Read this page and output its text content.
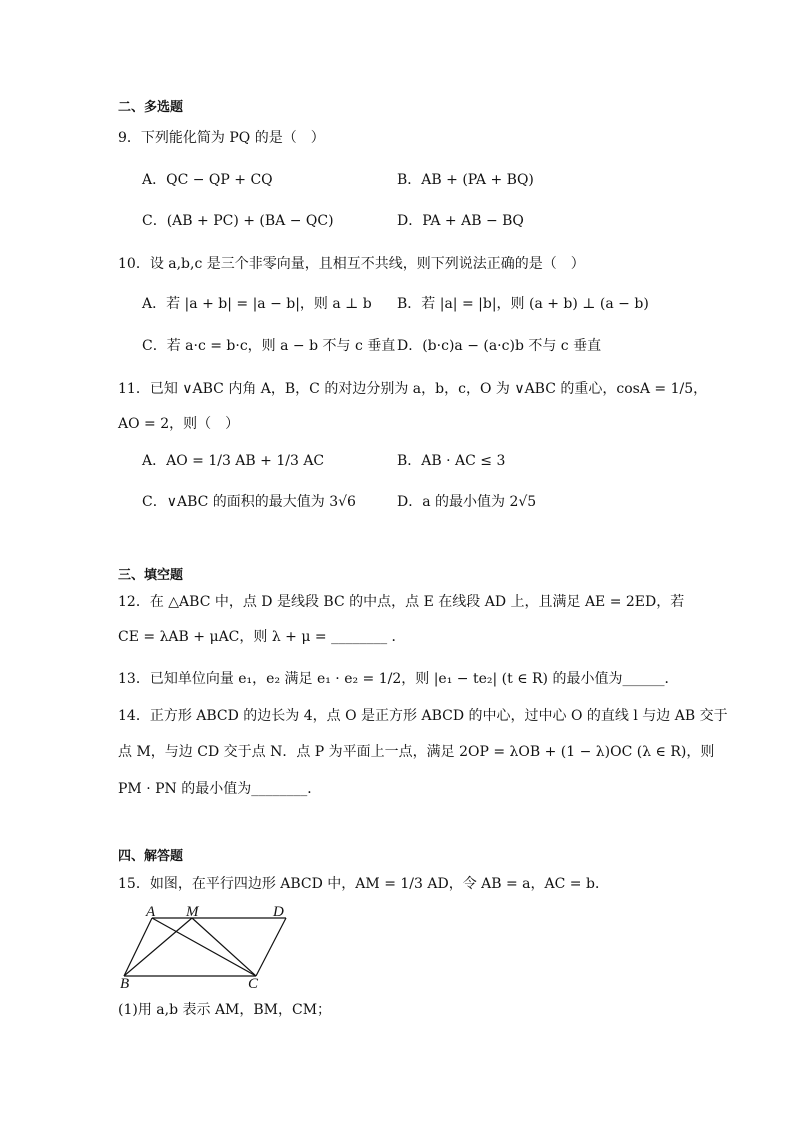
二、多选题
9．下列能化简为 PQ 的是（　）
A．QC − QP + CQ	B．AB + (PA + BQ)
C．(AB + PC) + (BA − QC)	D．PA + AB − BQ
10．设 a,b,c 是三个非零向量，且相互不共线，则下列说法正确的是（　）
A．若 |a + b| = |a − b|，则 a ⊥ b B．若 |a| = |b|，则 (a + b) ⊥ (a − b)
C．若 a·c = b·c，则 a − b 不与 c 垂直 D．(b·c)a − (a·c)b 不与 c 垂直
11．已知 ∨ABC 内角 A，B，C 的对边分别为 a，b，c，O 为 ∨ABC 的重心，cosA = 1/5，
AO = 2，则（　）
A．AO = 1/3 AB + 1/3 AC	B．AB · AC ≤ 3
C．∨ABC 的面积的最大值为 3√6	D．a 的最小值为 2√5
三、填空题
12．在 △ABC 中，点 D 是线段 BC 的中点，点 E 在线段 AD 上，且满足 AE = 2ED，若
CE = λAB + μAC，则 λ + μ = ________ ．
13．已知单位向量 e₁，e₂ 满足 e₁ · e₂ = 1/2，则 |e₁ − te₂| (t ∈ R) 的最小值为______．
14．正方形 ABCD 的边长为 4，点 O 是正方形 ABCD 的中心，过中心 O 的直线 l 与边 AB 交于
点 M，与边 CD 交于点 N．点 P 为平面上一点，满足 2OP = λOB + (1 − λ)OC (λ ∈ R)，则
PM · PN 的最小值为________．
四、解答题
15．如图，在平行四边形 ABCD 中，AM = 1/3 AD，令 AB = a，AC = b．
A M	D
B	C
(1)用 a,b 表示 AM，BM，CM；
